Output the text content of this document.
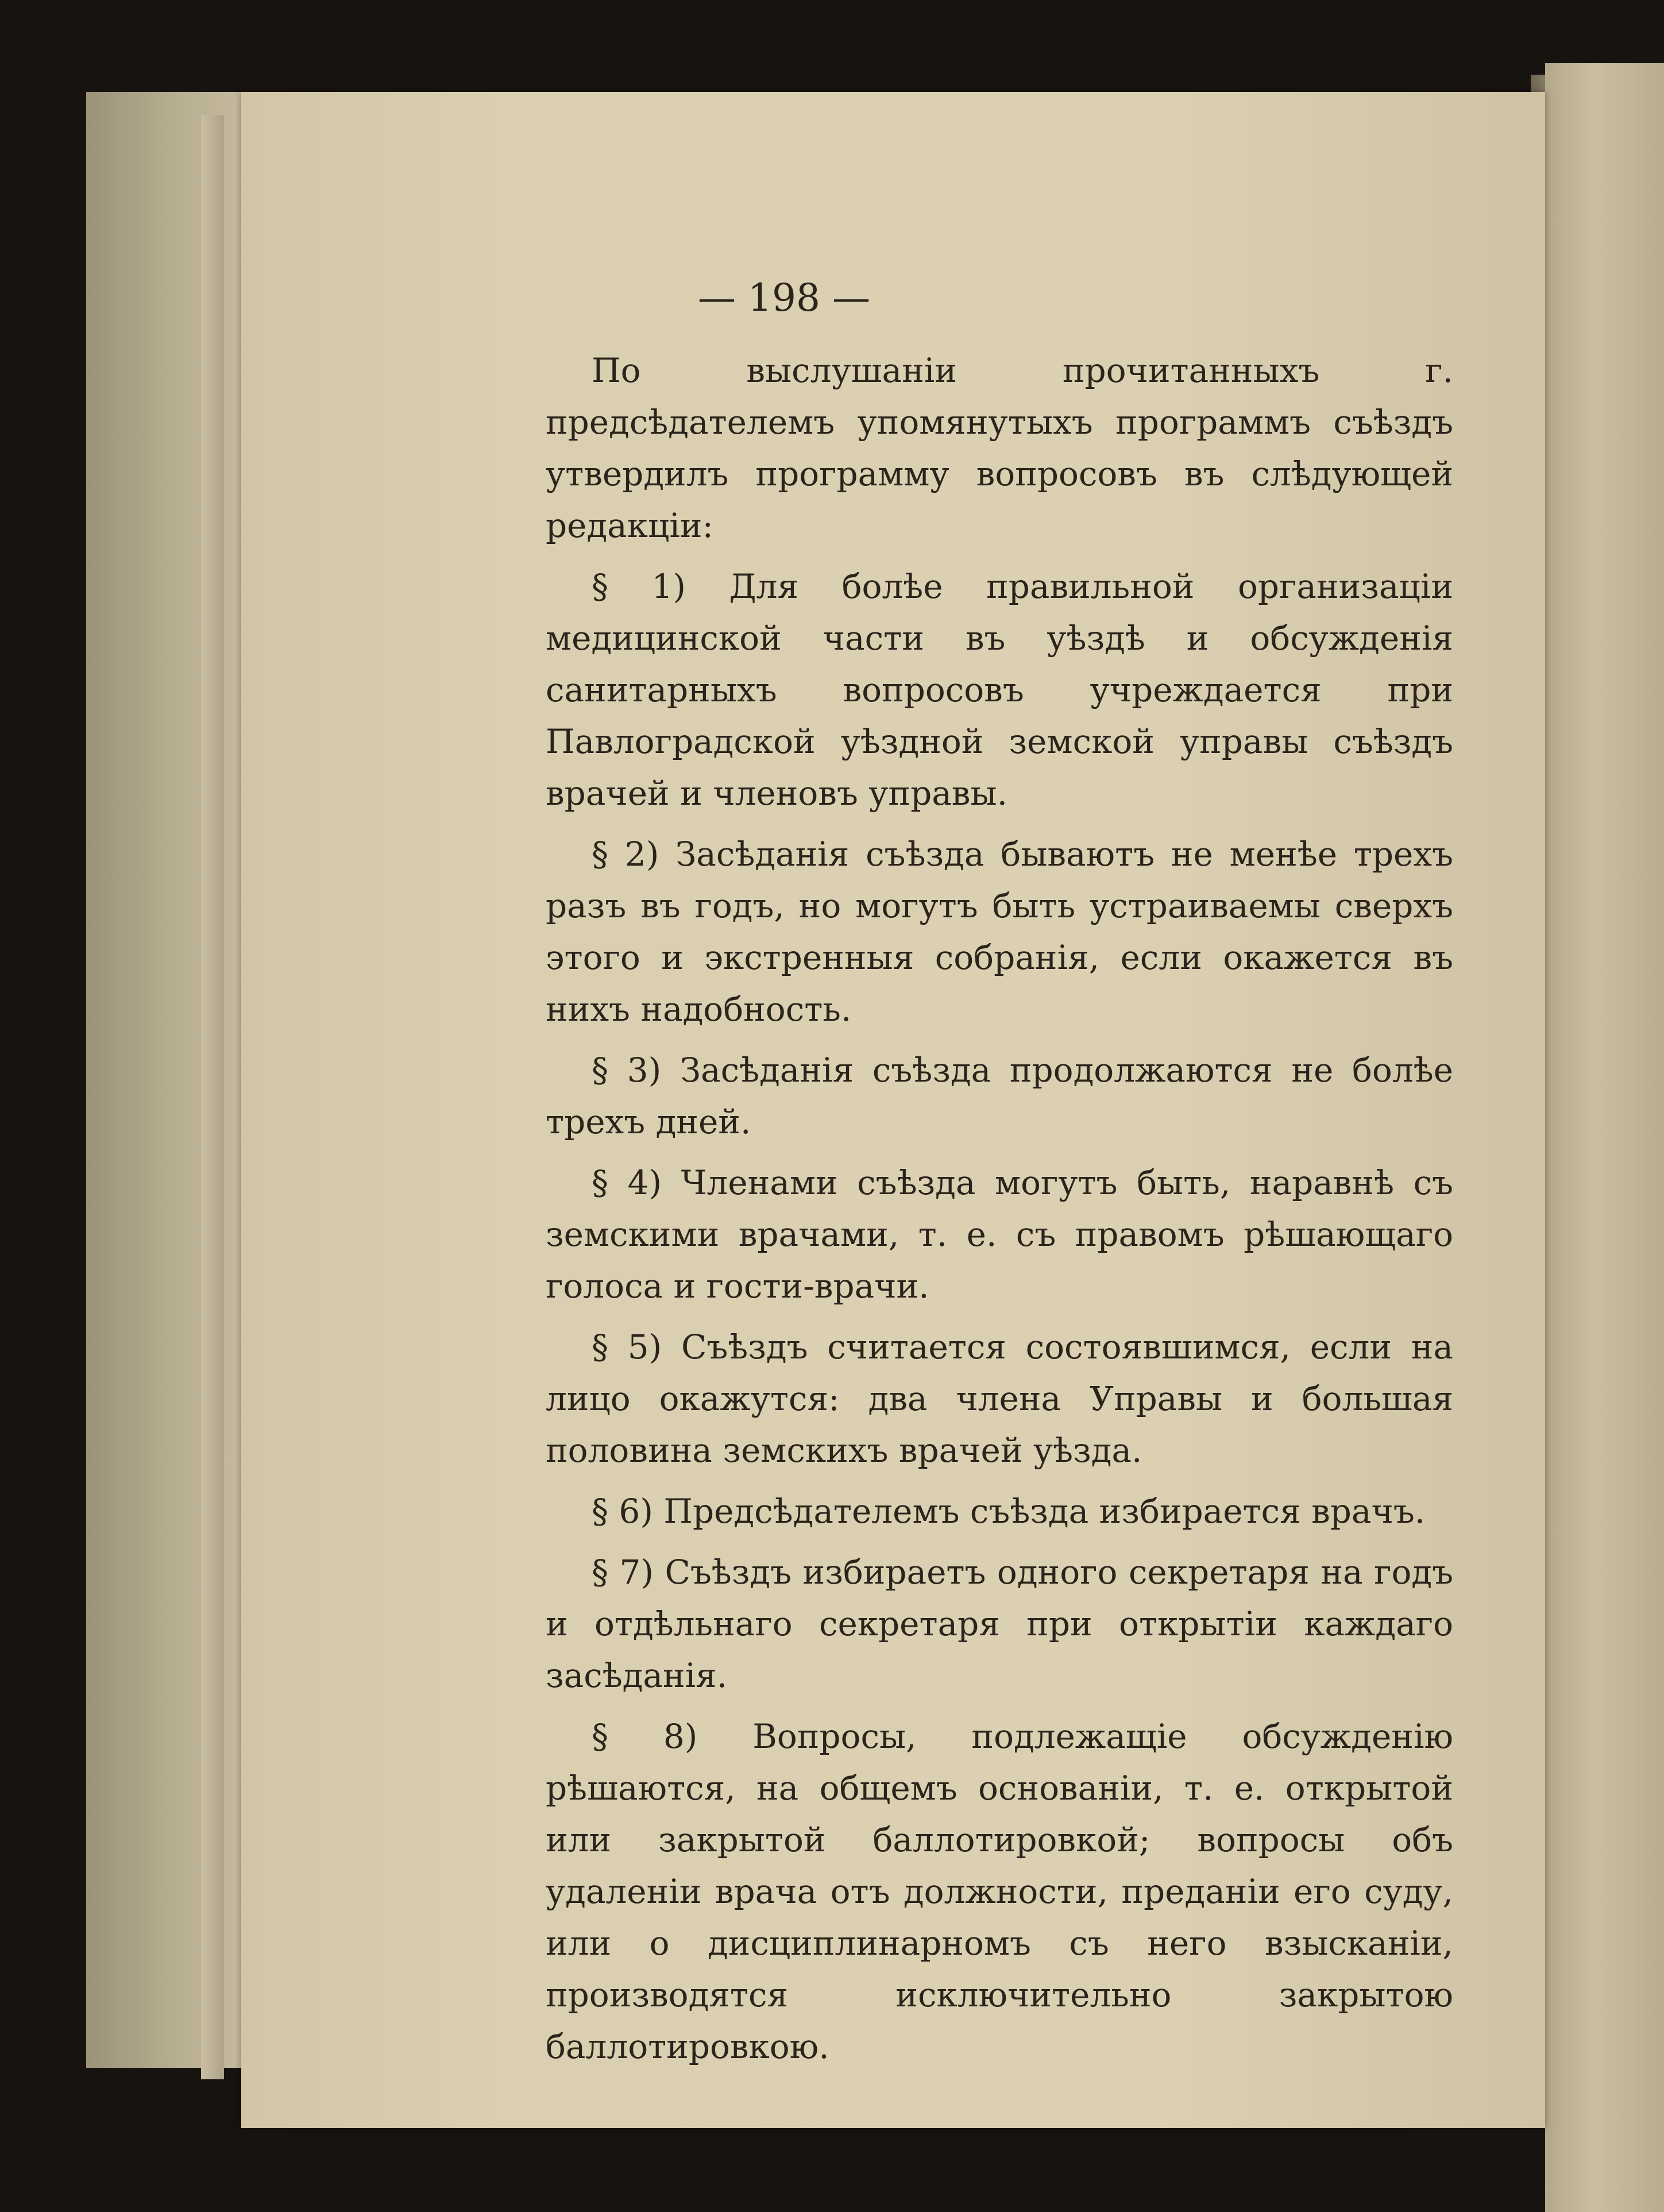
— 198 —

По выслушаніи прочитанныхъ г. предсѣдателемъ упомянутыхъ программъ съѣздъ утвердилъ программу вопросовъ въ слѣдующей редакціи:

§ 1) Для болѣе правильной организаціи медицинской части въ уѣздѣ и обсужденія санитарныхъ вопросовъ учреждается при Павлоградской уѣздной земской управы съѣздъ врачей и членовъ управы.

§ 2) Засѣданія съѣзда бываютъ не менѣе трехъ разъ въ годъ, но могутъ быть устраиваемы сверхъ этого и экстренныя собранія, если окажется въ нихъ надобность.

§ 3) Засѣданія съѣзда продолжаются не болѣе трехъ дней.

§ 4) Членами съѣзда могутъ быть, наравнѣ съ земскими врачами, т. е. съ правомъ рѣшающаго голоса и гости-врачи.

§ 5) Съѣздъ считается состоявшимся, если на лицо окажутся: два члена Управы и большая половина земскихъ врачей уѣзда.

§ 6) Предсѣдателемъ съѣзда избирается врачъ.

§ 7) Съѣздъ избираетъ одного секретаря на годъ и отдѣльнаго секретаря при открытіи каждаго засѣданія.

§ 8) Вопросы, подлежащіе обсужденію рѣшаются, на общемъ основаніи, т. е. открытой или закрытой баллотировкой; вопросы объ удаленіи врача отъ должности, преданіи его суду, или о дисциплинарномъ съ него взысканіи, производятся исключительно закрытою баллотировкою.
